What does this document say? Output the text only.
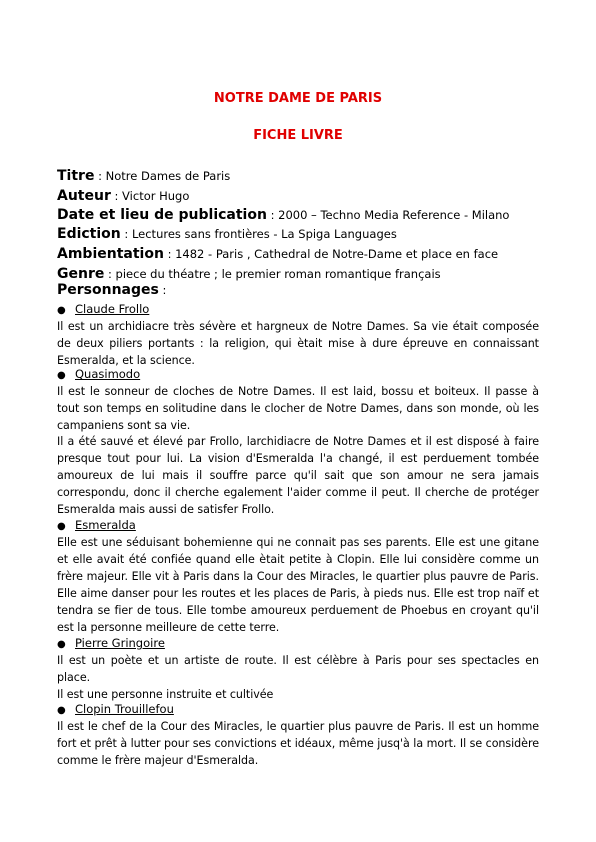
NOTRE DAME DE PARIS
FICHE LIVRE
Titre : Notre Dames de Paris
Auteur : Victor Hugo
Date et lieu de publication : 2000 – Techno Media Reference - Milano
Ediction : Lectures sans frontières - La Spiga Languages
Ambientation : 1482 - Paris , Cathedral de Notre-Dame et place en face
Genre : piece du théatre ; le premier roman romantique français
Personnages :
● Claude Frollo
Il est un archidiacre très sévère et hargneux de Notre Dames. Sa vie était composée de deux piliers portants : la religion, qui ètait mise à dure épreuve en connaissant Esmeralda, et la science.
● Quasimodo
Il est le sonneur de cloches de Notre Dames. Il est laid, bossu et boiteux. Il passe à tout son temps en solitudine dans le clocher de Notre Dames, dans son monde, où les campaniens sont sa vie.
Il a été sauvé et élevé par Frollo, larchidiacre de Notre Dames et il est disposé à faire presque tout pour lui. La vision d'Esmeralda l'a changé, il est perduement tombée amoureux de lui mais il souffre parce qu'il sait que son amour ne sera jamais correspondu, donc il cherche egalement l'aider comme il peut. Il cherche de protéger Esmeralda mais aussi de satisfer Frollo.
● Esmeralda
Elle est une séduisant bohemienne qui ne connait pas ses parents. Elle est une gitane et elle avait été confiée quand elle ètait petite à Clopin. Elle lui considère comme un frère majeur. Elle vit à Paris dans la Cour des Miracles, le quartier plus pauvre de Paris. Elle aime danser pour les routes et les places de Paris, à pieds nus. Elle est trop naïf et tendra se fier de tous. Elle tombe amoureux perduement de Phoebus en croyant qu'il est la personne meilleure de cette terre.
● Pierre Gringoire
Il est un poète et un artiste de route. Il est célèbre à Paris pour ses spectacles en place.
Il est une personne instruite et cultivée
● Clopin Trouillefou
Il est le chef de la Cour des Miracles, le quartier plus pauvre de Paris. Il est un homme fort et prêt à lutter pour ses convictions et idéaux, même jusq'à la mort. Il se considère comme le frère majeur d'Esmeralda.
